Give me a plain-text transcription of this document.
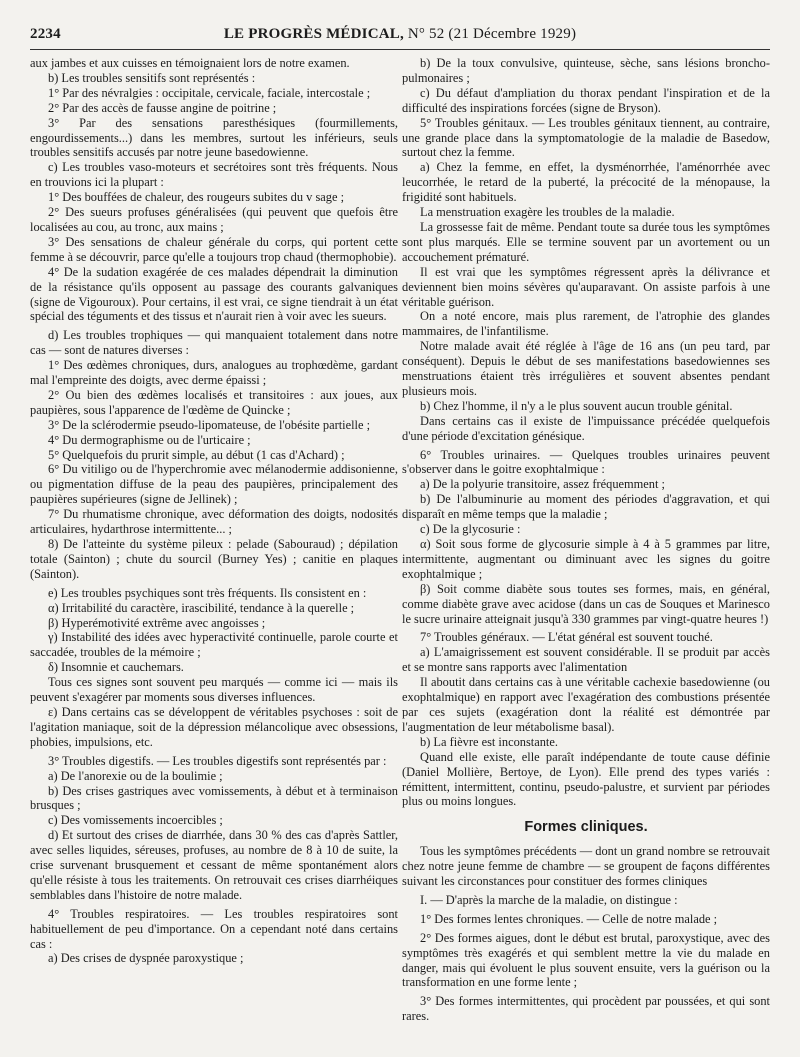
2234	LE PROGRÈS MÉDICAL, N° 52 (21 Décembre 1929)

aux jambes et aux cuisses en témoignaient lors de notre examen.

b) Les troubles sensitifs sont représentés :

1° Par des névralgies : occipitale, cervicale, faciale, intercostale ;

2° Par des accès de fausse angine de poitrine ;

3° Par des sensations paresthésiques (fourmillements, engourdissements...) dans les membres, surtout les inférieurs, seuls troubles sensitifs accusés par notre jeune basedowienne.

c) Les troubles vaso-moteurs et secrétoires sont très fréquents. Nous en trouvions ici la plupart :

1° Des bouffées de chaleur, des rougeurs subites du v sage ;

2° Des sueurs profuses généralisées (qui peuvent que quefois être localisées au cou, au tronc, aux mains ;

3° Des sensations de chaleur générale du corps, qui portent cette femme à se découvrir, parce qu'elle a toujours trop chaud (thermophobie).

4° De la sudation exagérée de ces malades dépendrait la diminution de la résistance qu'ils opposent au passage des courants galvaniques (signe de Vigouroux). Pour certains, il est vrai, ce signe tiendrait à un état spécial des téguments et des tissus et n'aurait rien à voir avec les sueurs.

d) Les troubles trophiques — qui manquaient totalement dans notre cas — sont de natures diverses :

1° Des œdèmes chroniques, durs, analogues au trophœdème, gardant mal l'empreinte des doigts, avec derme épaissi ;

2° Ou bien des œdèmes localisés et transitoires : aux joues, aux paupières, sous l'apparence de l'œdème de Quincke ;

3° De la sclérodermie pseudo-lipomateuse, de l'obésite partielle ;

4° Du dermographisme ou de l'urticaire ;

5° Quelquefois du prurit simple, au début (1 cas d'Achard) ;

6° Du vitiligo ou de l'hyperchromie avec mélanodermie addisonienne, ou pigmentation diffuse de la peau des paupières, principalement des paupières supérieures (signe de Jellinek) ;

7° Du rhumatisme chronique, avec déformation des doigts, nodosités articulaires, hydarthrose intermittente... ;

8) De l'atteinte du système pileux : pelade (Sabouraud) ; dépilation totale (Sainton) ; chute du sourcil (Burney Yes) ; canitie en plaques (Sainton).

e) Les troubles psychiques sont très fréquents. Ils consistent en :

α) Irritabilité du caractère, irascibilité, tendance à la querelle ;

β) Hyperémotivité extrême avec angoisses ;

γ) Instabilité des idées avec hyperactivité continuelle, parole courte et saccadée, troubles de la mémoire ;

δ) Insomnie et cauchemars.

Tous ces signes sont souvent peu marqués — comme ici — mais ils peuvent s'exagérer par moments sous diverses influences.

ε) Dans certains cas se développent de véritables psychoses : soit de l'agitation maniaque, soit de la dépression mélancolique avec obsessions, phobies, impulsions, etc.

3° Troubles digestifs. — Les troubles digestifs sont représentés par :

a) De l'anorexie ou de la boulimie ;

b) Des crises gastriques avec vomissements, à début et à terminaison brusques ;

c) Des vomissements incoercibles ;

d) Et surtout des crises de diarrhée, dans 30 % des cas d'après Sattler, avec selles liquides, séreuses, profuses, au nombre de 8 à 10 de suite, la crise survenant brusquement et cessant de même spontanément alors qu'elle résiste à tous les traitements. On retrouvait ces crises diarrhéiques semblables dans l'histoire de notre malade.

4° Troubles respiratoires. — Les troubles respiratoires sont habituellement de peu d'importance. On a cependant noté dans certains cas :

a) Des crises de dyspnée paroxystique ;

b) De la toux convulsive, quinteuse, sèche, sans lésions broncho-pulmonaires ;

c) Du défaut d'ampliation du thorax pendant l'inspiration et de la difficulté des inspirations forcées (signe de Bryson).

5° Troubles génitaux. — Les troubles génitaux tiennent, au contraire, une grande place dans la symptomatologie de la maladie de Basedow, surtout chez la femme.

a) Chez la femme, en effet, la dysménorrhée, l'aménorrhée avec leucorrhée, le retard de la puberté, la précocité de la ménopause, la frigidité sont habituels.

La menstruation exagère les troubles de la maladie.

La grossesse fait de même. Pendant toute sa durée tous les symptômes sont plus marqués. Elle se termine souvent par un avortement ou un accouchement prématuré.

Il est vrai que les symptômes régressent après la délivrance et deviennent bien moins sévères qu'auparavant. On assiste parfois à une véritable guérison.

On a noté encore, mais plus rarement, de l'atrophie des glandes mammaires, de l'infantilisme.

Notre malade avait été réglée à l'âge de 16 ans (un peu tard, par conséquent). Depuis le début de ses manifestations basedowiennes ses menstruations étaient très irrégulières et souvent absentes pendant plusieurs mois.

b) Chez l'homme, il n'y a le plus souvent aucun trouble génital.

Dans certains cas il existe de l'impuissance précédée quelquefois d'une période d'excitation génésique.

6° Troubles urinaires. — Quelques troubles urinaires peuvent s'observer dans le goitre exophtalmique :

a) De la polyurie transitoire, assez fréquemment ;

b) De l'albuminurie au moment des périodes d'aggravation, et qui disparaît en même temps que la maladie ;

c) De la glycosurie :

α) Soit sous forme de glycosurie simple à 4 à 5 grammes par litre, intermittente, augmentant ou diminuant avec les signes du goitre exophtalmique ;

β) Soit comme diabète sous toutes ses formes, mais, en général, comme diabète grave avec acidose (dans un cas de Souques et Marinesco le sucre urinaire atteignait jusqu'à 330 grammes par vingt-quatre heures !)

7° Troubles généraux. — L'état général est souvent touché.

a) L'amaigrissement est souvent considérable. Il se produit par accès et se montre sans rapports avec l'alimentation

Il aboutit dans certains cas à une véritable cachexie basedowienne (ou exophtalmique) en rapport avec l'exagération des combustions présentée par ces sujets (exagération dont la réalité est démontrée par l'augmentation de leur métabolisme basal).

b) La fièvre est inconstante.

Quand elle existe, elle paraît indépendante de toute cause définie (Daniel Mollière, Bertoye, de Lyon). Elle prend des types variés : rémittent, intermittent, continu, pseudo-palustre, et survient par périodes plus ou moins longues.

Formes cliniques.

Tous les symptômes précédents — dont un grand nombre se retrouvait chez notre jeune femme de chambre — se groupent de façons différentes suivant les circonstances pour constituer des formes cliniques

I. — D'après la marche de la maladie, on distingue :

1° Des formes lentes chroniques. — Celle de notre malade ;

2° Des formes aigues, dont le début est brutal, paroxystique, avec des symptômes très exagérés et qui semblent mettre la vie du malade en danger, mais qui évoluent le plus souvent ensuite, vers la guérison ou la transformation en une forme lente ;

3° Des formes intermittentes, qui procèdent par poussées, et qui sont rares.
